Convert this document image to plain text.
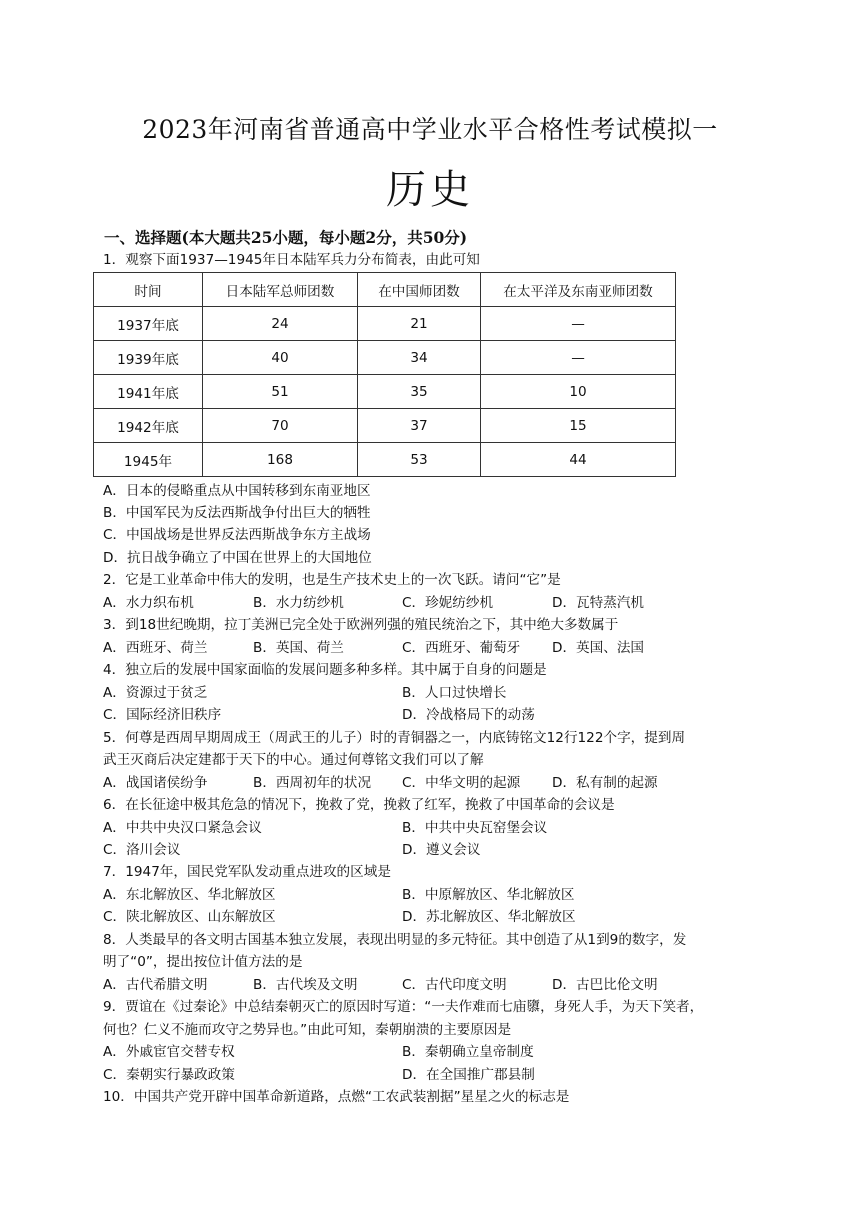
2023年河南省普通高中学业水平合格性考试模拟一
历史
一、选择题(本大题共25小题，每小题2分，共50分)
1．观察下面1937—1945年日本陆军兵力分布简表，由此可知
时间	日本陆军总师团数	在中国师团数	在太平洋及东南亚师团数
1937年底	24	21	—
1939年底	40	34	—
1941年底	51	35	10
1942年底	70	37	15
1945年	168	53	44
A．日本的侵略重点从中国转移到东南亚地区
B．中国军民为反法西斯战争付出巨大的牺牲
C．中国战场是世界反法西斯战争东方主战场
D．抗日战争确立了中国在世界上的大国地位
2．它是工业革命中伟大的发明，也是生产技术史上的一次飞跃。请问“它”是
A．水力织布机	B．水力纺纱机	C．珍妮纺纱机	D．瓦特蒸汽机
3．到18世纪晚期，拉丁美洲已完全处于欧洲列强的殖民统治之下，其中绝大多数属于
A．西班牙、荷兰	B．英国、荷兰	C．西班牙、葡萄牙 D．英国、法国
4．独立后的发展中国家面临的发展问题多种多样。其中属于自身的问题是
A．资源过于贫乏	B．人口过快增长
C．国际经济旧秩序	D．冷战格局下的动荡
5．何尊是西周早期周成王（周武王的儿子）时的青铜器之一，内底铸铭文12行122个字，提到周
武王灭商后决定建都于天下的中心。通过何尊铭文我们可以了解
A．战国诸侯纷争	B．西周初年的状况 C．中华文明的起源 D．私有制的起源
6．在长征途中极其危急的情况下，挽救了党，挽救了红军，挽救了中国革命的会议是
A．中共中央汉口紧急会议	B．中共中央瓦窑堡会议
C．洛川会议	D．遵义会议
7．1947年，国民党军队发动重点进攻的区域是
A．东北解放区、华北解放区	B．中原解放区、华北解放区
C．陕北解放区、山东解放区	D．苏北解放区、华北解放区
8．人类最早的各文明古国基本独立发展，表现出明显的多元特征。其中创造了从1到9的数字，发
明了“0”，提出按位计值方法的是
A．古代希腊文明	B．古代埃及文明	C．古代印度文明	D．古巴比伦文明
9．贾谊在《过秦论》中总结秦朝灭亡的原因时写道：“一夫作难而七庙隳，身死人手，为天下笑者，
何也？仁义不施而攻守之势异也。”由此可知，秦朝崩溃的主要原因是
A．外戚宦官交替专权	B．秦朝确立皇帝制度
C．秦朝实行暴政政策	D．在全国推广郡县制
10．中国共产党开辟中国革命新道路，点燃“工农武装割据”星星之火的标志是
